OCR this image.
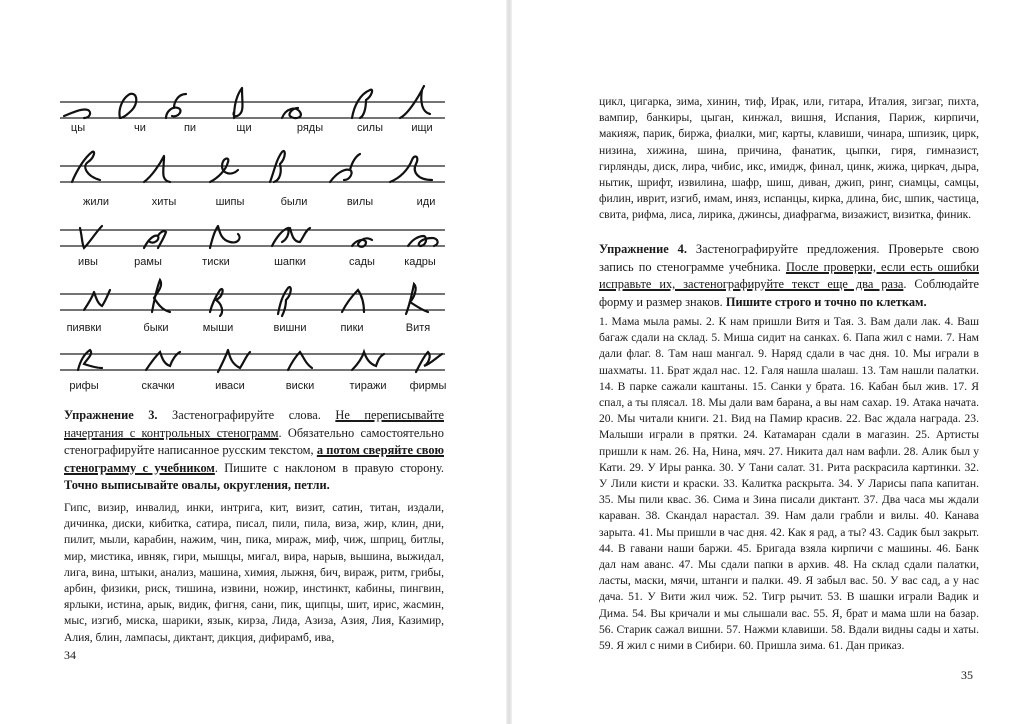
цы	чи	пи	щи	ряды	силы	ищи
жили	хиты	шипы	были	вилы	иди
ивы	рамы	тиски	шапки	сады	кадры
пиявки	быки	мыши	вишни	пики	Витя
рифы	скачки	иваси	виски	тиражи фирмы
Упражнение 3. Застенографируйте слова. Не переписывайте начертания с контрольных стенограмм. Обязательно самостоятельно стенографируйте написанное русским текстом, а потом сверяйте свою стенограмму с учебником. Пишите с наклоном в правую сторону. Точно выписывайте овалы, округления, петли.
Гипс, визир, инвалид, инки, интрига, кит, визит, сатин, титан, издали, дичинка, диски, кибитка, сатира, писал, пили, пила, виза, жир, клин, дни, пилит, мыли, карабин, нажим, чин, пика, мираж, миф, чиж, шприц, битлы, мир, мистика, ивняк, гири, мышцы, мигал, вира, нарыв, вышина, выжидал, лига, вина, штыки, анализ, машина, химия, лыжня, бич, вираж, ритм, грибы, арбин, физики, риск, тишина, извини, ножир, инстинкт, кабины, пингвин, ярлыки, истина, арык, видик, фигня, сани, пик, щипцы, шит, ирис, жасмин, мыс, изгиб, миска, шарики, язык, кирза, Лида, Азиза, Азия, Лия, Казимир, Алия, блин, лампасы, диктант, дикция, дифирамб, ива,
34
цикл, цигарка, зима, хинин, тиф, Ирак, или, гитара, Италия, зигзаг, пихта, вампир, банкиры, цыган, кинжал, вишня, Испания, Париж, кирпичи, макияж, парик, биржа, фиалки, миг, карты, клавиши, чинара, шпизик, цирк, низина, хижина, шина, причина, фанатик, цыпки, гиря, гимназист, гирлянды, диск, лира, чибис, икс, имидж, финал, цинк, жижа, циркач, дыра, нытик, шрифт, извилина, шафр, шиш, диван, джип, ринг, сиамцы, самцы, филин, иврит, изгиб, имам, иняз, испанцы, кирка, длина, бис, шпик, частица, свита, рифма, лиса, лирика, джинсы, диафрагма, визажист, визитка, финик.
Упражнение 4. Застенографируйте предложения. Проверьте свою запись по стенограмме учебника. После проверки, если есть ошибки исправьте их, застенографируйте текст еще два раза. Соблюдайте форму и размер знаков. Пишите строго и точно по клеткам.
1. Мама мыла рамы. 2. К нам пришли Витя и Тая. 3. Вам дали лак. 4. Ваш багаж сдали на склад. 5. Миша сидит на санках. 6. Папа жил с нами. 7. Нам дали флаг. 8. Там наш мангал. 9. Наряд сдали в час дня. 10. Мы играли в шахматы. 11. Брат ждал нас. 12. Галя нашла шалаш. 13. Там нашли палатки. 14. В парке сажали каштаны. 15. Санки у брата. 16. Кабан был жив. 17. Я спал, а ты плясал. 18. Мы дали вам барана, а вы нам сахар. 19. Атака начата. 20. Мы читали книги. 21. Вид на Памир красив. 22. Вас ждала награда. 23. Малыши играли в прятки. 24. Катамаран сдали в магазин. 25. Артисты пришли к нам. 26. На, Нина, мяч. 27. Никита дал нам вафли. 28. Алик был у Кати. 29. У Иры ранка. 30. У Тани салат. 31. Рита раскрасила картинки. 32. У Лили кисти и краски. 33. Калитка раскрыта. 34. У Ларисы папа капитан. 35. Мы пили квас. 36. Сима и Зина писали диктант. 37. Два часа мы ждали караван. 38. Скандал нарастал. 39. Нам дали грабли и вилы. 40. Канава зарыта. 41. Мы пришли в час дня. 42. Как я рад, а ты? 43. Садик был закрыт. 44. В гавани наши баржи. 45. Бригада взяла кирпичи с машины. 46. Банк дал нам аванс. 47. Мы сдали папки в архив. 48. На склад сдали палатки, ласты, маски, мячи, штанги и палки. 49. Я забыл вас. 50. У вас сад, а у нас дача. 51. У Вити жил чиж. 52. Тигр рычит. 53. В шашки играли Вадик и Дима. 54. Вы кричали и мы слышали вас. 55. Я, брат и мама шли на базар. 56. Старик сажал вишни. 57. Нажми клавиши. 58. Вдали видны сады и хаты. 59. Я жил с ними в Сибири. 60. Пришла зима. 61. Дан приказ.
35
